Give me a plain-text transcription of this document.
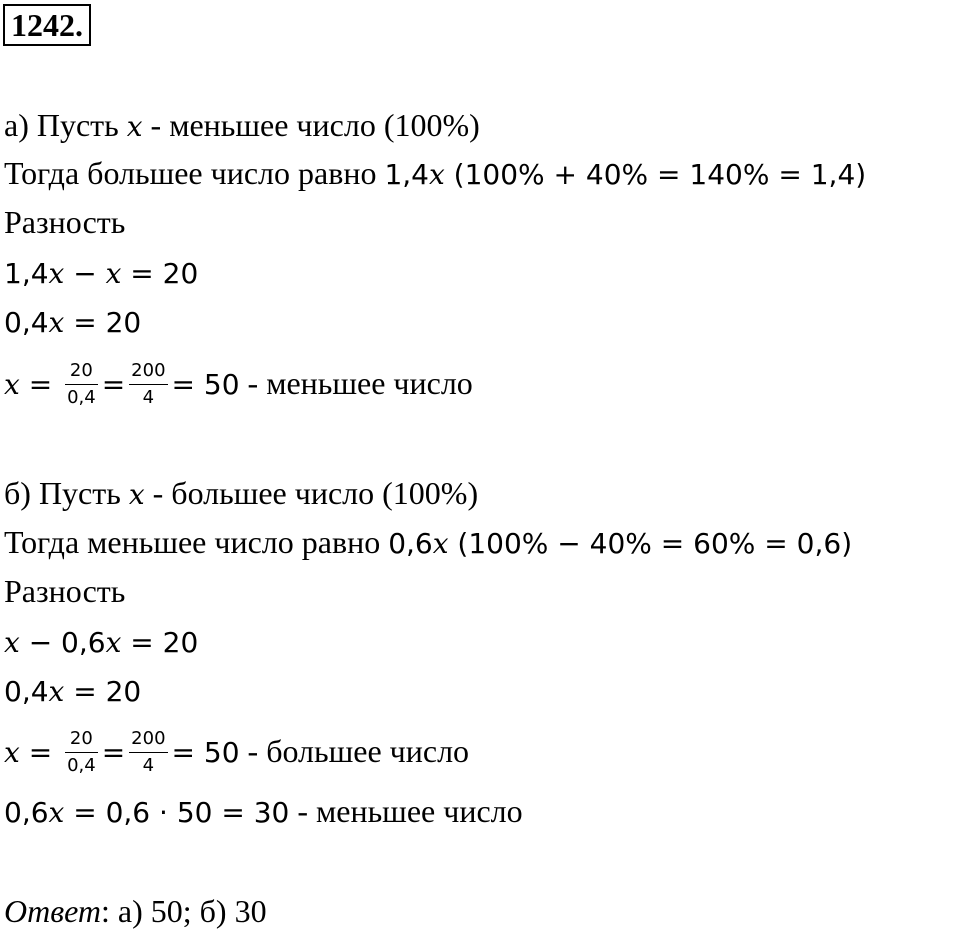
1242.
а) Пусть x - меньшее число (100%)
Тогда большее число равно 1,4x (100% + 40% = 140% = 1,4)
Разность
1,4x − x = 20
0,4x = 20
$x = \frac{20}{0,4} = \frac{200}{4} = 50$ - меньшее число
б) Пусть x - большее число (100%)
Тогда меньшее число равно 0,6x (100% − 40% = 60% = 0,6)
Разность
x − 0,6x = 20
0,4x = 20
$x = \frac{20}{0,4} = \frac{200}{4} = 50$ - большее число
0,6x = 0,6 · 50 = 30 - меньшее число
Ответ: а) 50; б) 30
